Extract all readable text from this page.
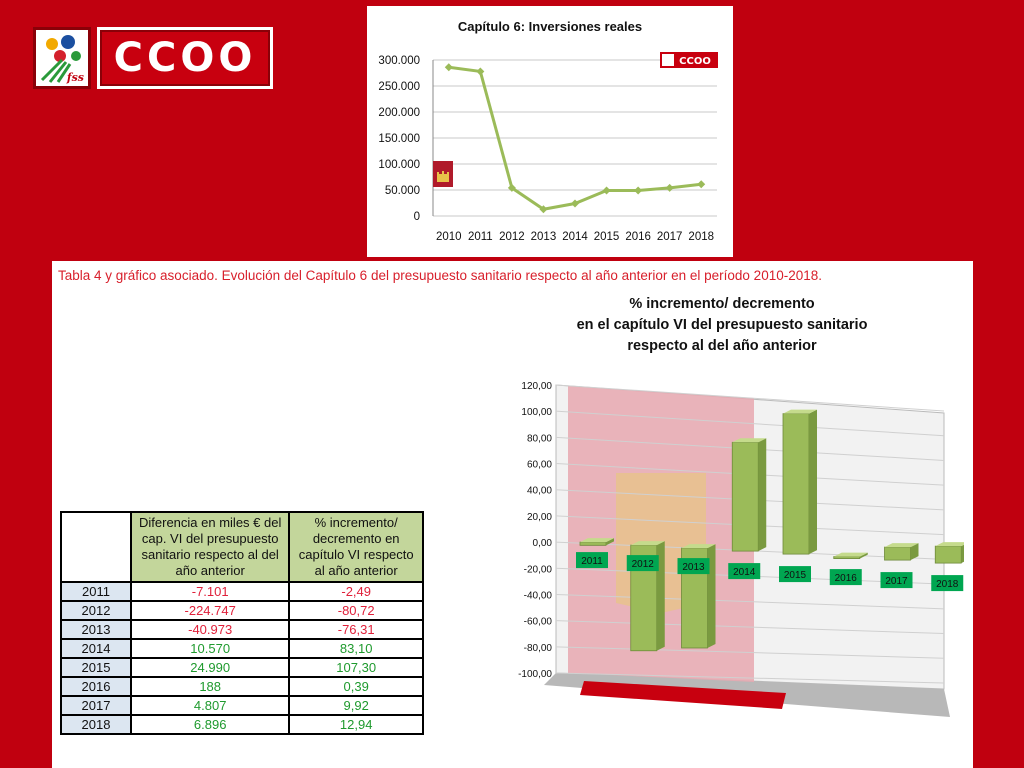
fss CCOO
Capítulo 6: Inversiones reales
0
50.000
100.000
150.000
200.000
250.000
300.000
2010 2011 2012 2013 2014 2015 2016 2017 2018
CCOO
Tabla 4 y gráfico asociado. Evolución del Capítulo 6 del presupuesto sanitario respecto al año anterior en el período 2010-2018.
% incremento/ decremento
en el capítulo VI del presupuesto sanitario
respecto al del año anterior
	Diferencia en miles € del cap. VI del presupuesto sanitario respecto al del año anterior	% incremento/ decremento en capítulo VI respecto al año anterior
2011	-7.101	-2,49
2012	-224.747	-80,72
2013	-40.973	-76,31
2014	10.570	83,10
2015	24.990	107,30
2016	188	0,39
2017	4.807	9,92
2018	6.896	12,94
-100,00
-80,00
-60,00
-40,00
-20,00
0,00
20,00
40,00
60,00
80,00
100,00
120,00
2011	2012	2013	2014	2015	2016	2017	2018
